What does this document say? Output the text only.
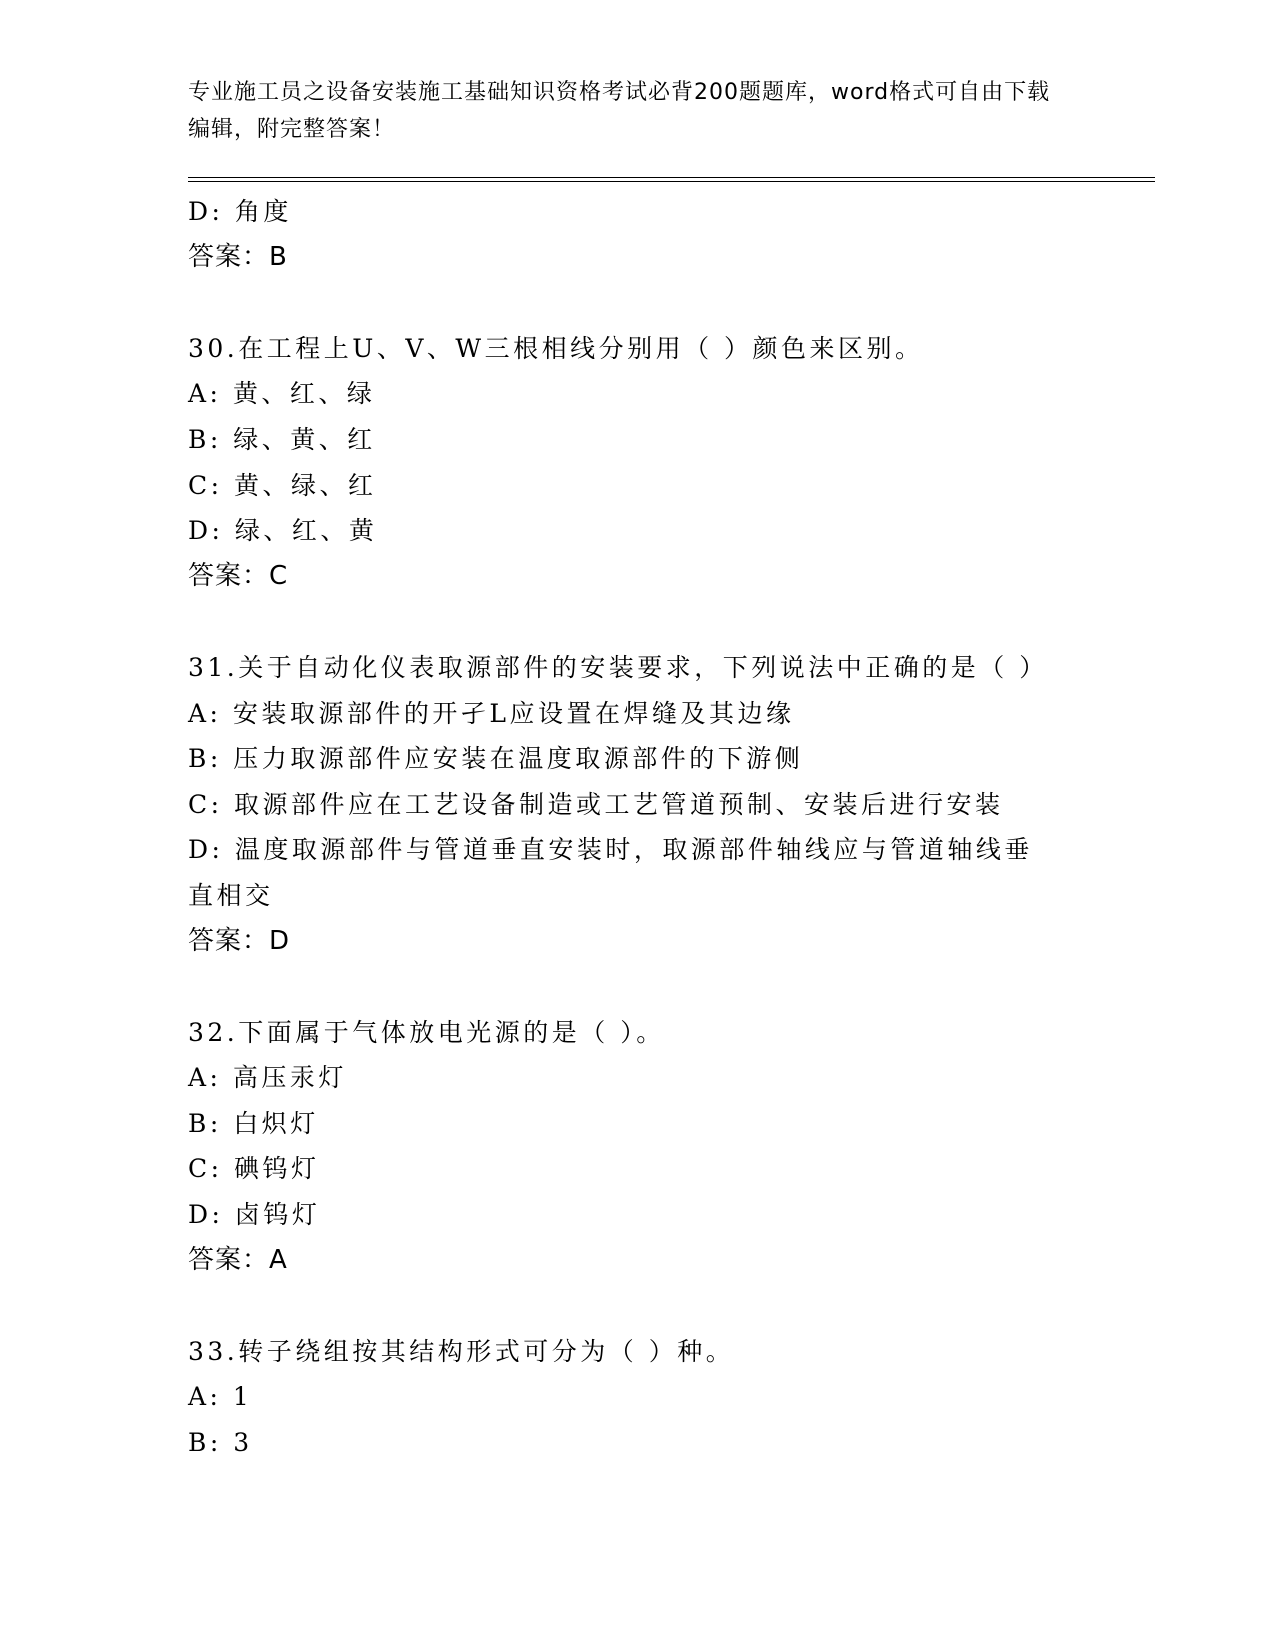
专业施工员之设备安装施工基础知识资格考试必背200题题库，word格式可自由下载编辑，附完整答案！
D: 角度
答案：B
30.在工程上U、V、W三根相线分别用（ ）颜色来区别。
A: 黄、红、绿
B: 绿、黄、红
C: 黄、绿、红
D: 绿、红、黄
答案：C
31.关于自动化仪表取源部件的安装要求，下列说法中正确的是（ ）
A: 安装取源部件的开孑L应设置在焊缝及其边缘
B: 压力取源部件应安装在温度取源部件的下游侧
C: 取源部件应在工艺设备制造或工艺管道预制、安装后进行安装
D: 温度取源部件与管道垂直安装时，取源部件轴线应与管道轴线垂直相交
答案：D
32.下面属于气体放电光源的是（ ）。
A: 高压汞灯
B: 白炽灯
C: 碘钨灯
D: 卤钨灯
答案：A
33.转子绕组按其结构形式可分为（ ）种。
A: 1
B: 3
